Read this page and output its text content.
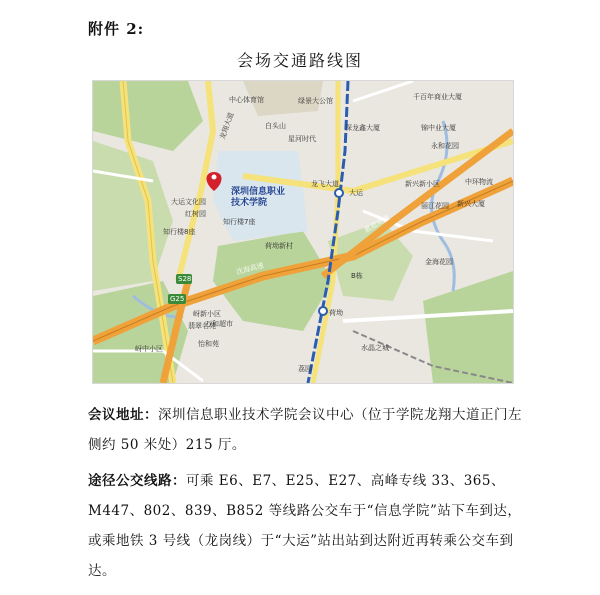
附件 2:
会场交通路线图
中心体育馆	绿景大公馆
白头山
星河时代
深龙鑫大厦
千百年商业大厦
锦中业大厦
龙翔大道
龙飞大道
大运
深圳信息职业技术学院
大运文化园
红树园
知行楼7座
知行楼8座
荷坳新村
惠盐高速
沈海高速
S28
G25
荷坳
B栋
金海花园
新兴大厦
中环物流
丽江花园
永和花园
新兴新小区
万和超市
怡和苑	水晶之城
岈中小区
岈新小区
翡翠名苑
荔园
会议地址：深圳信息职业技术学院会议中心（位于学院龙翔大道正门左侧约 50 米处）215 厅。
途径公交线路：可乘 E6、E7、E25、E27、高峰专线 33、365、M447、802、839、B852 等线路公交车于“信息学院”站下车到达，或乘地铁 3 号线（龙岗线）于“大运”站出站到达附近再转乘公交车到达。
